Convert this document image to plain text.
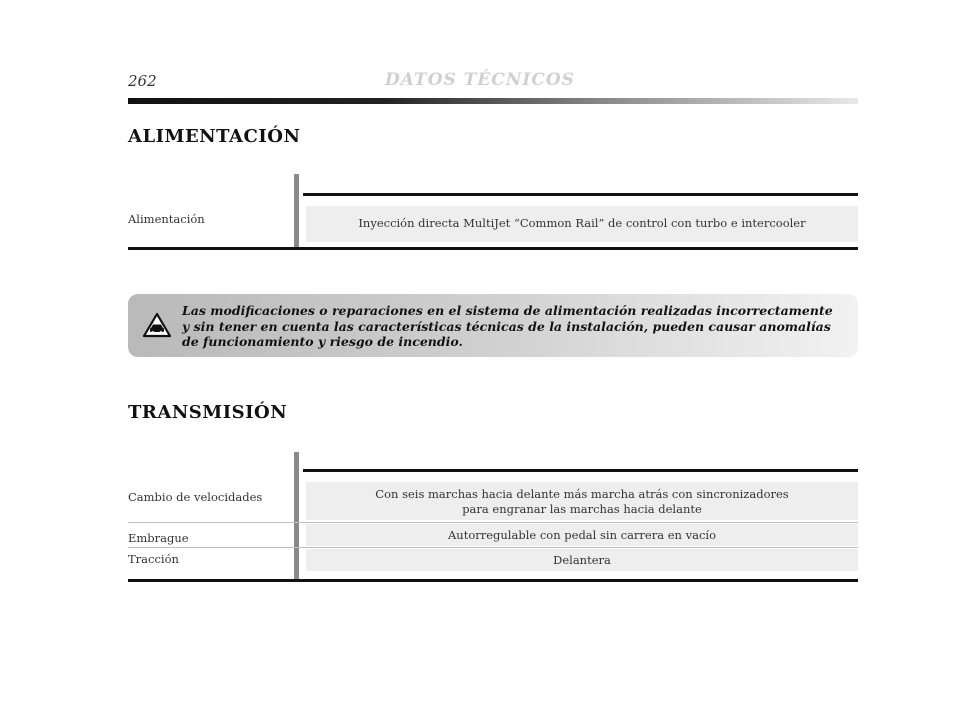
262	DATOS TÉCNICOS
ALIMENTACIÓN
Alimentación	Inyección directa MultiJet “Common Rail” de control con turbo e intercooler
Las modificaciones o reparaciones en el sistema de alimentación realizadas incorrectamente y sin tener en cuenta las características técnicas de la instalación, pueden causar anomalías de funcionamiento y riesgo de incendio.
TRANSMISIÓN
Cambio de velocidades	Con seis marchas hacia delante más marcha atrás con sincronizadores
para engranar las marchas hacia delante
Embrague	Autorregulable con pedal sin carrera en vacío
Tracción	Delantera
